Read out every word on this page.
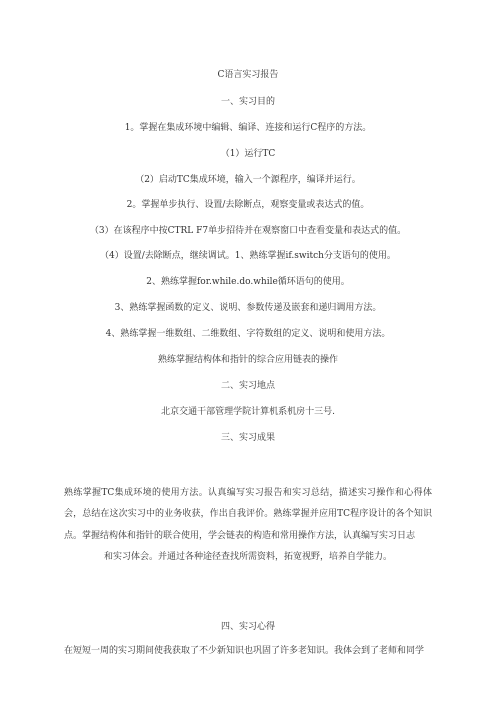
C语言实习报告
一、实习目的
1。掌握在集成环境中编辑、编译、连接和运行C程序的方法。
（1）运行TC
（2）启动TC集成环境，输入一个源程序，编译并运行。
2。掌握单步执行、设置/去除断点，观察变量或表达式的值。
（3）在该程序中按CTRL F7单步招待并在观察窗口中查看变量和表达式的值。
（4）设置/去除断点，继续调试。1、熟练掌握if.switch分支语句的使用。
2、熟练掌握for.while.do.while循环语句的使用。
3、熟练掌握函数的定义、说明、参数传递及嵌套和递归调用方法。
4、熟练掌握一维数组、二维数组、字符数组的定义、说明和使用方法。
熟练掌握结构体和指针的综合应用链表的操作
二、实习地点
北京交通干部管理学院计算机系机房十三号.
三、实习成果
熟练掌握TC集成环境的使用方法。认真编写实习报告和实习总结，描述实习操作和心得体会，总结在这次实习中的业务收获，作出自我评价。熟练掌握并应用TC程序设计的各个知识点。掌握结构体和指针的联合使用，学会链表的构造和常用操作方法，认真编写实习日志
和实习体会。并通过各种途径查找所需资料，拓宽视野，培养自学能力。
四、实习心得
在短短一周的实习期间使我获取了不少新知识也巩固了许多老知识。我体会到了老师和同学
